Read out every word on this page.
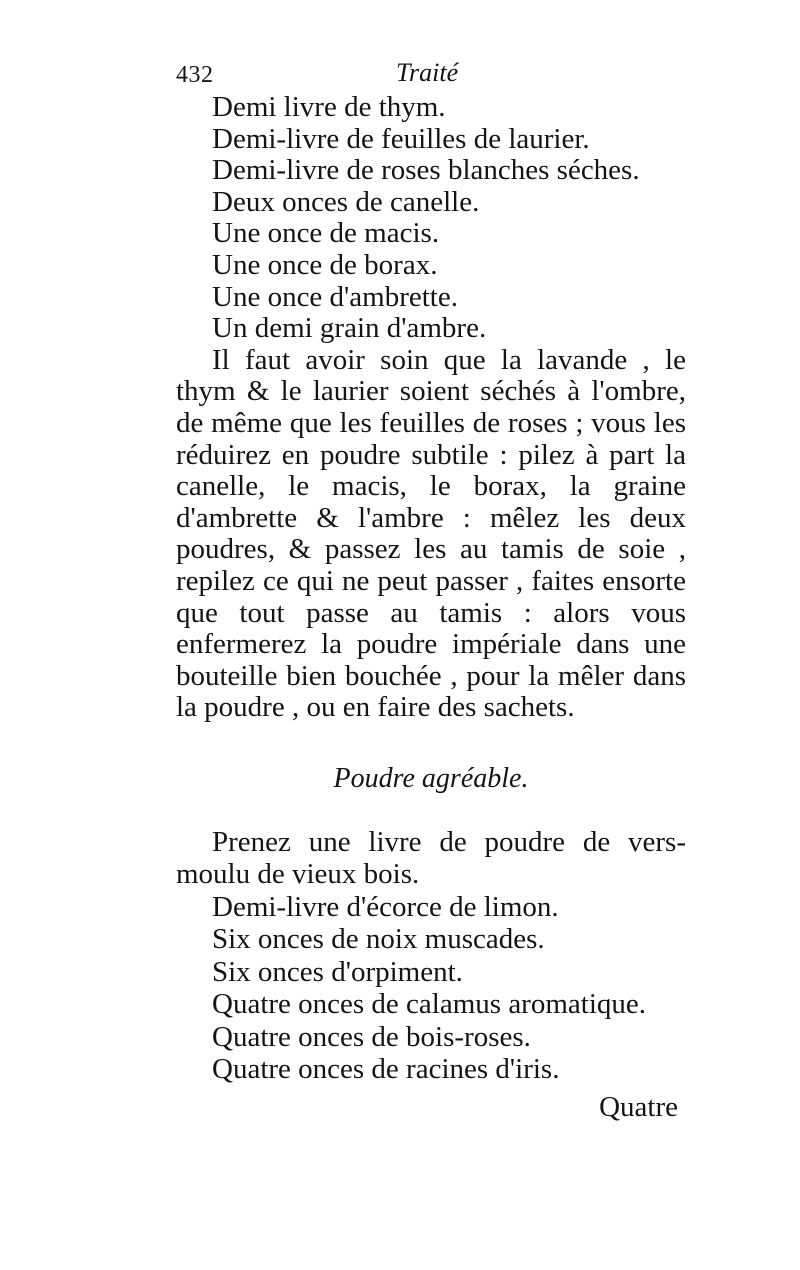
432	Traité
Demi livre de thym.
Demi-livre de feuilles de laurier.
Demi-livre de roses blanches séches.
Deux onces de canelle.
Une once de macis.
Une once de borax.
Une once d'ambrette.
Un demi grain d'ambre.

Il faut avoir soin que la lavande , le thym & le laurier soient séchés à l'ombre, de même que les feuilles de roses ; vous les réduirez en poudre subtile : pilez à part la canelle, le macis, le borax, la graine d'ambrette & l'ambre : mêlez les deux poudres, & passez les au tamis de soie , repilez ce qui ne peut passer , faites ensorte que tout passe au tamis : alors vous enfermerez la poudre impériale dans une bouteille bien bouchée , pour la mêler dans la poudre , ou en faire des sachets.

Poudre agréable.

Prenez une livre de poudre de vers-moulu de vieux bois.

Demi-livre d'écorce de limon.
Six onces de noix muscades.
Six onces d'orpiment.
Quatre onces de calamus aromatique.
Quatre onces de bois-roses.
Quatre onces de racines d'iris.
Quatre
